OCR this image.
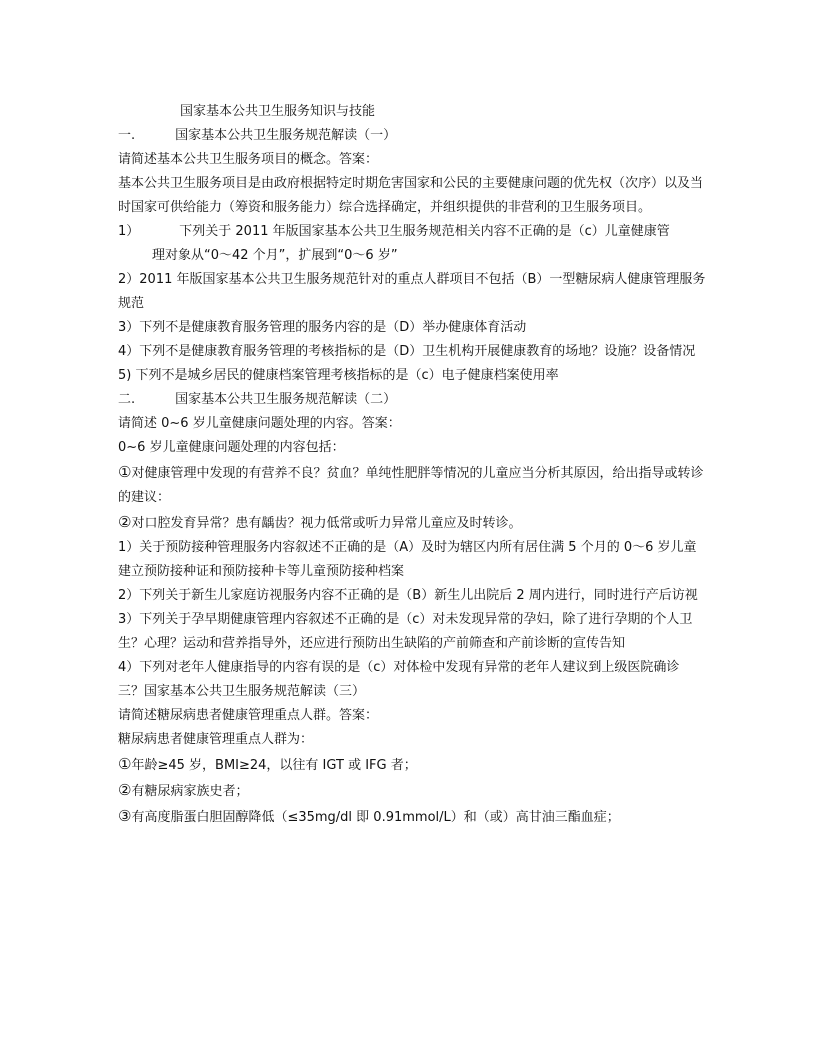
国家基本公共卫生服务知识与技能
一.	国家基本公共卫生服务规范解读（一）
请简述基本公共卫生服务项目的概念。答案：
基本公共卫生服务项目是由政府根据特定时期危害国家和公民的主要健康问题的优先权（次序）以及当时国家可供给能力（筹资和服务能力）综合选择确定，并组织提供的非营利的卫生服务项目。
1）	下列关于 2011 年版国家基本公共卫生服务规范相关内容不正确的是（c）儿童健康管
理对象从“0～42 个月”，扩展到“0～6 岁”
2）2011 年版国家基本公共卫生服务规范针对的重点人群项目不包括（B）一型糖尿病人健康管理服务规范
3）下列不是健康教育服务管理的服务内容的是（D）举办健康体育活动
4）下列不是健康教育服务管理的考核指标的是（D）卫生机构开展健康教育的场地？设施？设备情况
5) 下列不是城乡居民的健康档案管理考核指标的是（c）电子健康档案使用率
二.	国家基本公共卫生服务规范解读（二）
请简述 0~6 岁儿童健康问题处理的内容。答案：
0~6 岁儿童健康问题处理的内容包括：
①对健康管理中发现的有营养不良？贫血？单纯性肥胖等情况的儿童应当分析其原因，给出指导或转诊的建议：
②对口腔发育异常？患有龋齿？视力低常或听力异常儿童应及时转诊。
1）关于预防接种管理服务内容叙述不正确的是（A）及时为辖区内所有居住满 5 个月的 0～6 岁儿童建立预防接种证和预防接种卡等儿童预防接种档案
2）下列关于新生儿家庭访视服务内容不正确的是（B）新生儿出院后 2 周内进行，同时进行产后访视
3）下列关于孕早期健康管理内容叙述不正确的是（c）对未发现异常的孕妇，除了进行孕期的个人卫生？心理？运动和营养指导外，还应进行预防出生缺陷的产前筛查和产前诊断的宣传告知
4）下列对老年人健康指导的内容有误的是（c）对体检中发现有异常的老年人建议到上级医院确诊
三？国家基本公共卫生服务规范解读（三）
请简述糖尿病患者健康管理重点人群。答案：
糖尿病患者健康管理重点人群为：
①年龄≥45 岁，BMI≥24，以往有 IGT 或 IFG 者；
②有糖尿病家族史者；
③有高度脂蛋白胆固醇降低（≤35mg/dl 即 0.91mmol/L）和（或）高甘油三酯血症；
